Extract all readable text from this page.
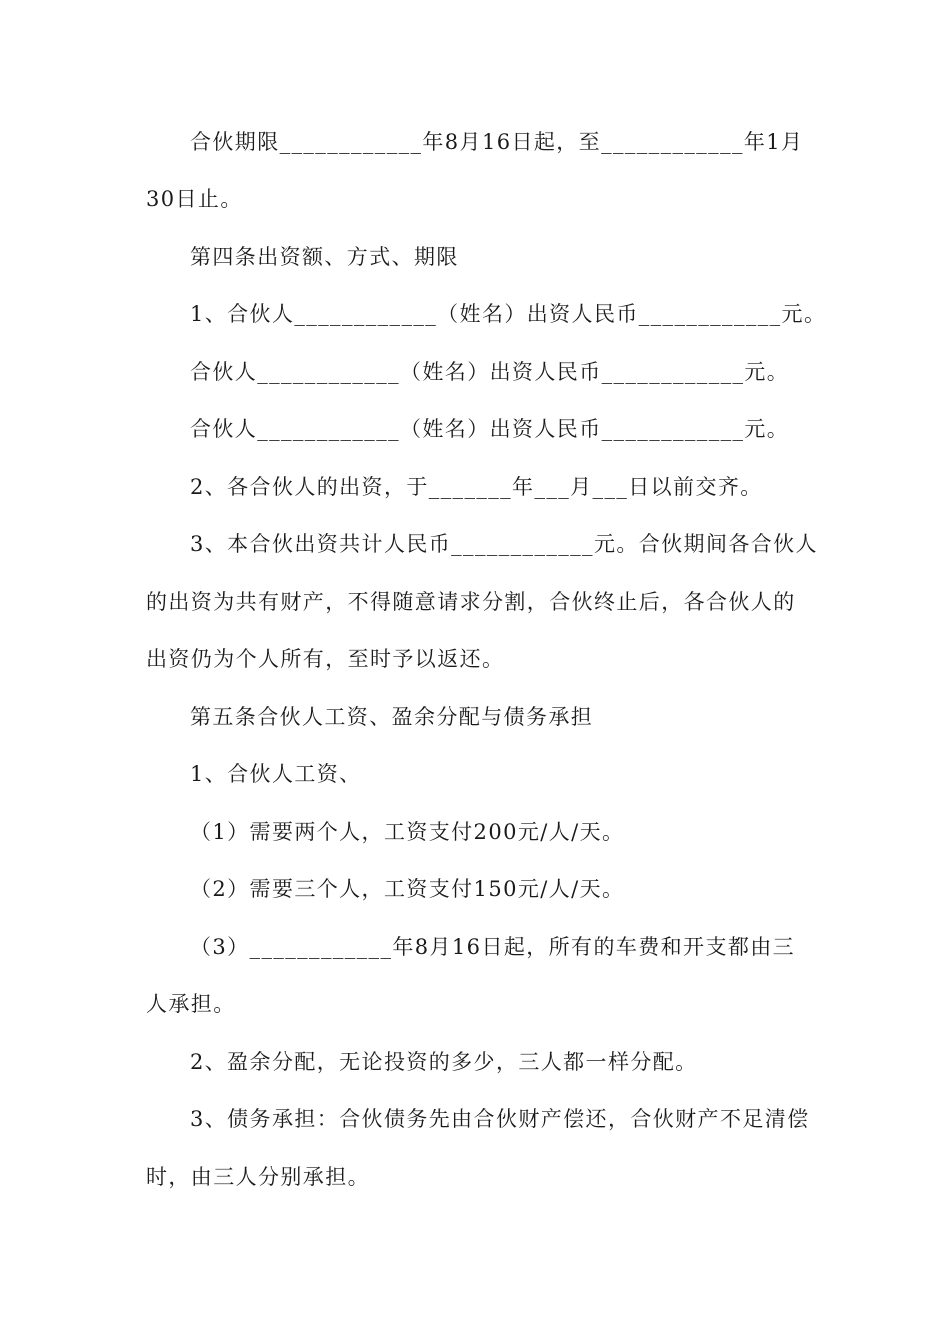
合伙期限____________年8月16日起，至____________年1月
30日止。
第四条出资额、方式、期限
1、合伙人____________（姓名）出资人民币____________元。
合伙人____________（姓名）出资人民币____________元。
合伙人____________（姓名）出资人民币____________元。
2、各合伙人的出资，于_______年___月___日以前交齐。
3、本合伙出资共计人民币____________元。合伙期间各合伙人
的出资为共有财产，不得随意请求分割，合伙终止后，各合伙人的
出资仍为个人所有，至时予以返还。
第五条合伙人工资、盈余分配与债务承担
1、合伙人工资、
（1）需要两个人，工资支付200元/人/天。
（2）需要三个人，工资支付150元/人/天。
（3）____________年8月16日起，所有的车费和开支都由三
人承担。
2、盈余分配，无论投资的多少，三人都一样分配。
3、债务承担：合伙债务先由合伙财产偿还，合伙财产不足清偿
时，由三人分别承担。
